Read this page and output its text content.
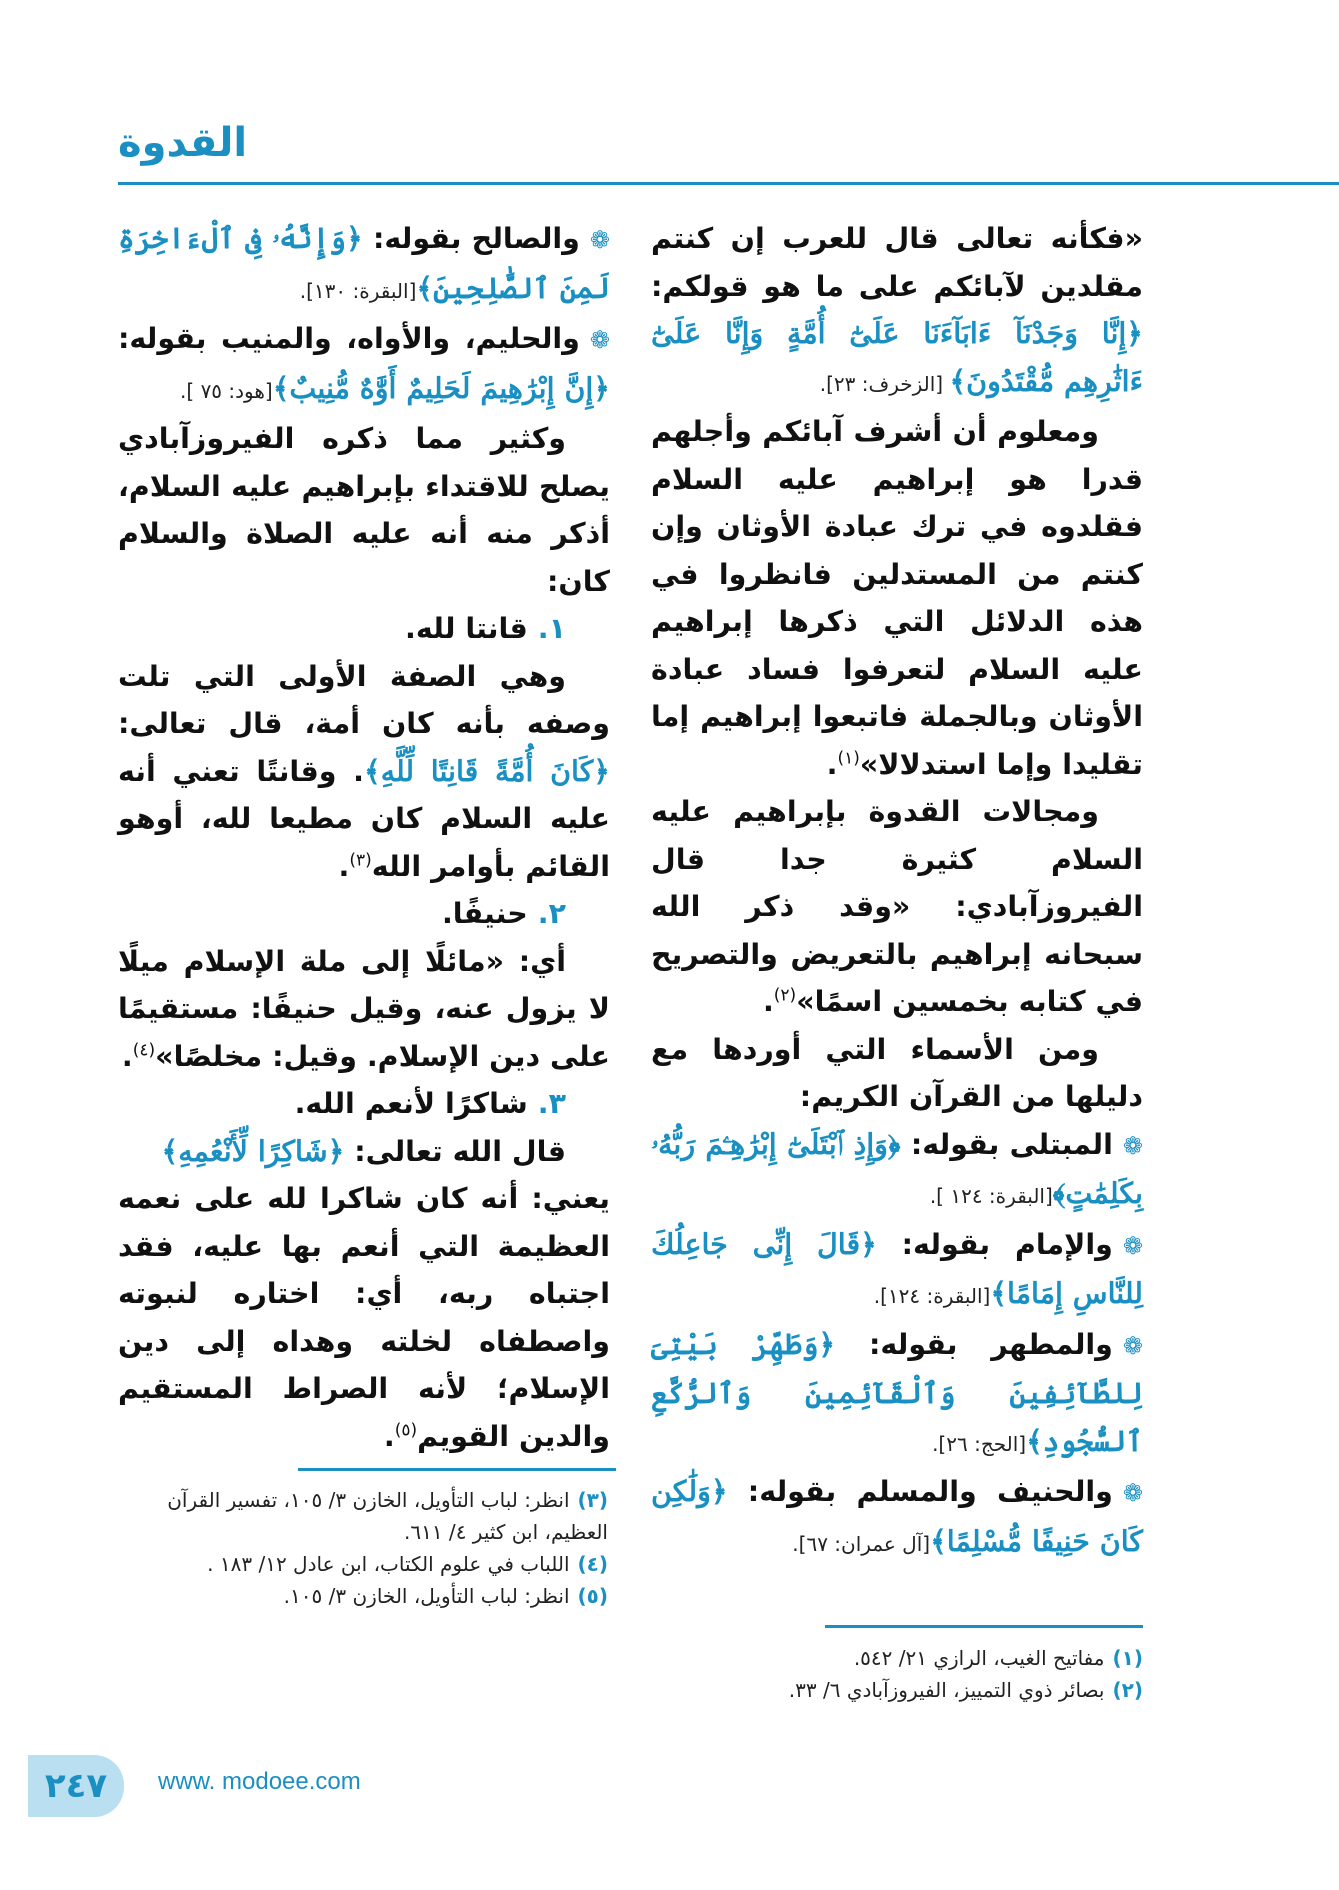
القدوة

«فكأنه تعالى قال للعرب إن كنتم مقلدين لآبائكم على ما هو قولكم: ﴿إِنَّا وَجَدْنَآ ءَابَآءَنَا عَلَىٰٓ أُمَّةٍ وَإِنَّا عَلَىٰٓ ءَاثَٰرِهِم مُّقْتَدُونَ﴾ [الزخرف: ٢٣].

ومعلوم أن أشرف آبائكم وأجلهم قدرا هو إبراهيم عليه السلام فقلدوه في ترك عبادة الأوثان وإن كنتم من المستدلين فانظروا في هذه الدلائل التي ذكرها إبراهيم عليه السلام لتعرفوا فساد عبادة الأوثان وبالجملة فاتبعوا إبراهيم إما تقليدا وإما استدلالا»$^{(١)}$.

ومجالات القدوة بإبراهيم عليه السلام كثيرة جدا قال الفيروزآبادي: «وقد ذكر الله سبحانه إبراهيم بالتعريض والتصريح في كتابه بخمسين اسمًا»$^{(٢)}$.

ومن الأسماء التي أوردها مع دليلها من القرآن الكريم:

❁المبتلى بقوله: ﴿وَإِذِ ٱبْتَلَىٰٓ إِبْرَٰهِـۧمَ رَبُّهُۥ بِكَلِمَٰتٍ﴾[البقرة: ١٢٤ ].

❁والإمام بقوله: ﴿قَالَ إِنِّى جَاعِلُكَ لِلنَّاسِ إِمَامًا﴾[البقرة: ١٢٤].

❁والمطهر بقوله: ﴿وَطَهِّرْ بَيْتِىَ لِلطَّآئِفِينَ وَٱلْقَآئِمِينَ وَٱلرُّكَّعِ ٱلسُّجُودِ﴾[الحج: ٢٦].

❁والحنيف والمسلم بقوله: ﴿وَلَٰكِن كَانَ حَنِيفًا مُّسْلِمًا﴾[آل عمران: ٦٧].

❁والصالح بقوله: ﴿وَإِنَّهُۥ فِى ٱلْءَاخِرَةِ لَمِنَ ٱلصَّٰلِحِينَ﴾[البقرة: ١٣٠].

❁والحليم، والأواه، والمنيب بقوله: ﴿إِنَّ إِبْرَٰهِيمَ لَحَلِيمٌ أَوَّٰهٌ مُّنِيبٌ﴾[هود: ٧٥ ].

وكثير مما ذكره الفيروزآبادي يصلح للاقتداء بإبراهيم عليه السلام، أذكر منه أنه عليه الصلاة والسلام كان:

١. قانتا لله.

وهي الصفة الأولى التي تلت وصفه بأنه كان أمة، قال تعالى: ﴿كَانَ أُمَّةً قَانِتًا لِّلَّهِ﴾. وقانتًا تعني أنه عليه السلام كان مطيعا لله، أوهو القائم بأوامر الله$^{(٣)}$.

٢. حنيفًا.

أي: «مائلًا إلى ملة الإسلام ميلًا لا يزول عنه، وقيل حنيفًا: مستقيمًا على دين الإسلام. وقيل: مخلصًا»$^{(٤)}$.

٣. شاكرًا لأنعم الله.

قال الله تعالى: ﴿شَاكِرًا لِّأَنْعُمِهِ﴾

يعني: أنه كان شاكرا لله على نعمه العظيمة التي أنعم بها عليه، فقد اجتباه ربه، أي: اختاره لنبوته واصطفاه لخلته وهداه إلى دين الإسلام؛ لأنه الصراط المستقيم والدين القويم$^{(٥)}$.

(١)مفاتيح الغيب، الرازي ٢١/ ٥٤٢.
(٢)بصائر ذوي التمييز، الفيروزآبادي ٦/ ٣٣.
(٣)انظر: لباب التأويل، الخازن ٣/ ١٠٥، تفسير القرآن العظيم، ابن كثير ٤/ ٦١١.
(٤)اللباب في علوم الكتاب، ابن عادل ١٢/ ١٨٣ .
(٥)انظر: لباب التأويل، الخازن ٣/ ١٠٥.
٢٤٧	www. modoee.com
